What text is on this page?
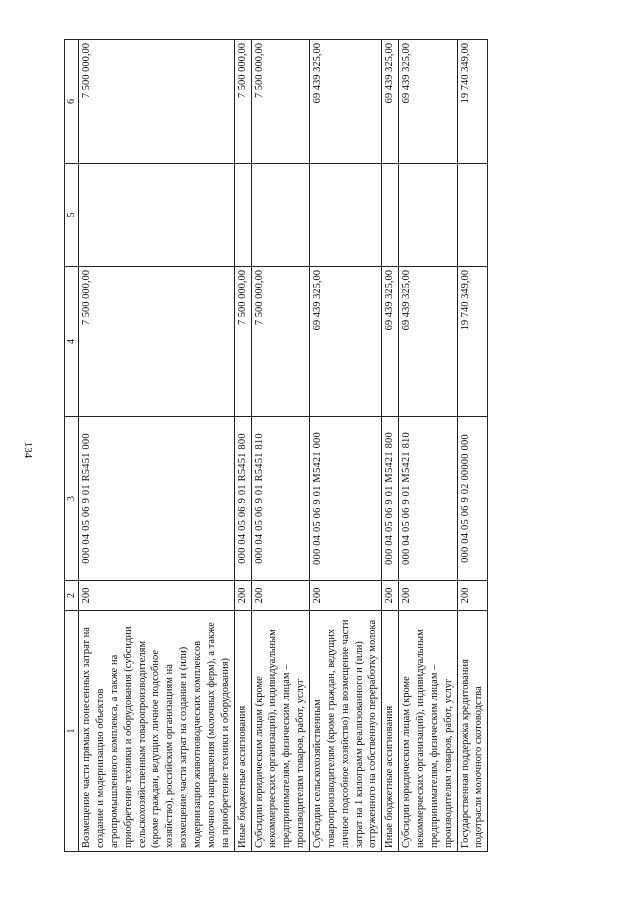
134
1	2	3	4	5	6
Возмещение части прямых понесенных затрат на создание и модернизацию объектов агропромышленного комплекса, а также на приобретение техники и оборудования (субсидии сельскохозяйственным товаропроизводителям (кроме граждан, ведущих личное подсобное хозяйство), российским организациям на возмещение части затрат на создание и (или) модернизацию животноводческих комплексов молочного направления (молочных ферм), а также на приобретение техники и оборудования)	200	000 04 05 06 9 01 R5451 000	7 500 000,00		7 500 000,00
Иные бюджетные ассигнования	200	000 04 05 06 9 01 R5451 800	7 500 000,00		7 500 000,00
Субсидии юридическим лицам (кроме некоммерческих организаций), индивидуальным предпринимателям, физическим лицам – производителям товаров, работ, услуг	200	000 04 05 06 9 01 R5451 810	7 500 000,00		7 500 000,00
Субсидии сельскохозяйственным товаропроизводителям (кроме граждан, ведущих личное подсобное хозяйство) на возмещение части затрат на 1 килограмм реализованного и (или) отгруженного на собственную переработку молока	200	000 04 05 06 9 01 M5421 000	69 439 325,00		69 439 325,00
Иные бюджетные ассигнования	200	000 04 05 06 9 01 M5421 800	69 439 325,00		69 439 325,00
Субсидии юридическим лицам (кроме некоммерческих организаций), индивидуальным предпринимателям, физическим лицам – производителям товаров, работ, услуг	200	000 04 05 06 9 01 M5421 810	69 439 325,00		69 439 325,00
Государственная поддержка кредитования подотрасли молочного скотоводства	200	000 04 05 06 9 02 00000 000	19 740 349,00		19 740 349,00
